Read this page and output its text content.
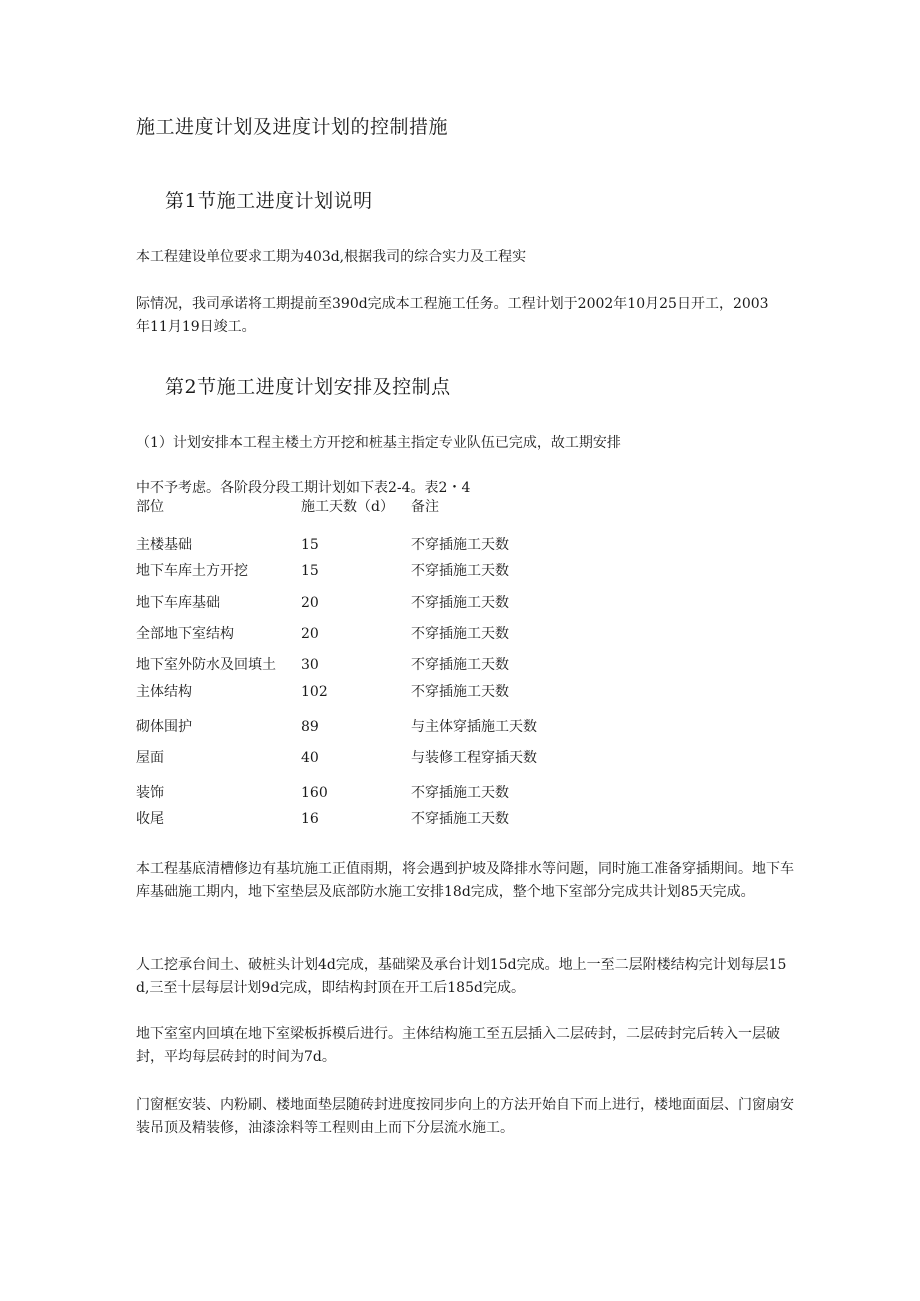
施工进度计划及进度计划的控制措施
第1节施工进度计划说明
本工程建设单位要求工期为403d,根据我司的综合实力及工程实
际情况，我司承诺将工期提前至390d完成本工程施工任务。工程计划于2002年10月25日开工，2003
年11月19日竣工。
第2节施工进度计划安排及控制点
（1）计划安排本工程主楼土方开挖和桩基主指定专业队伍已完成，故工期安排
中不予考虑。各阶段分段工期计划如下表2-4。表2・4
部位	施工天数（d） 备注
主楼基础	15	不穿插施工天数
地下车库土方开挖	15	不穿插施工天数
地下车库基础	20	不穿插施工天数
全部地下室结构	20	不穿插施工天数
地下室外防水及回填土 30	不穿插施工天数
主体结构	102	不穿插施工天数
砌体围护	89	与主体穿插施工天数
屋面	40	与装修工程穿插天数
装饰	160	不穿插施工天数
收尾	16	不穿插施工天数
本工程基底清槽修边有基坑施工正值雨期，将会遇到护坡及降排水等问题，同时施工准备穿插期间。地下车库基础施工期内，地下室垫层及底部防水施工安排18d完成，整个地下室部分完成共计划85天完成。
人工挖承台间土、破桩头计划4d完成，基础梁及承台计划15d完成。地上一至二层附楼结构完计划每层15d,三至十层每层计划9d完成，即结构封顶在开工后185d完成。
地下室室内回填在地下室梁板拆模后进行。主体结构施工至五层插入二层砖封，二层砖封完后转入一层破封，平均每层砖封的时间为7d。
门窗框安装、内粉刷、楼地面垫层随砖封进度按同步向上的方法开始自下而上进行，楼地面面层、门窗扇安装吊顶及精装修，油漆涂料等工程则由上而下分层流水施工。
